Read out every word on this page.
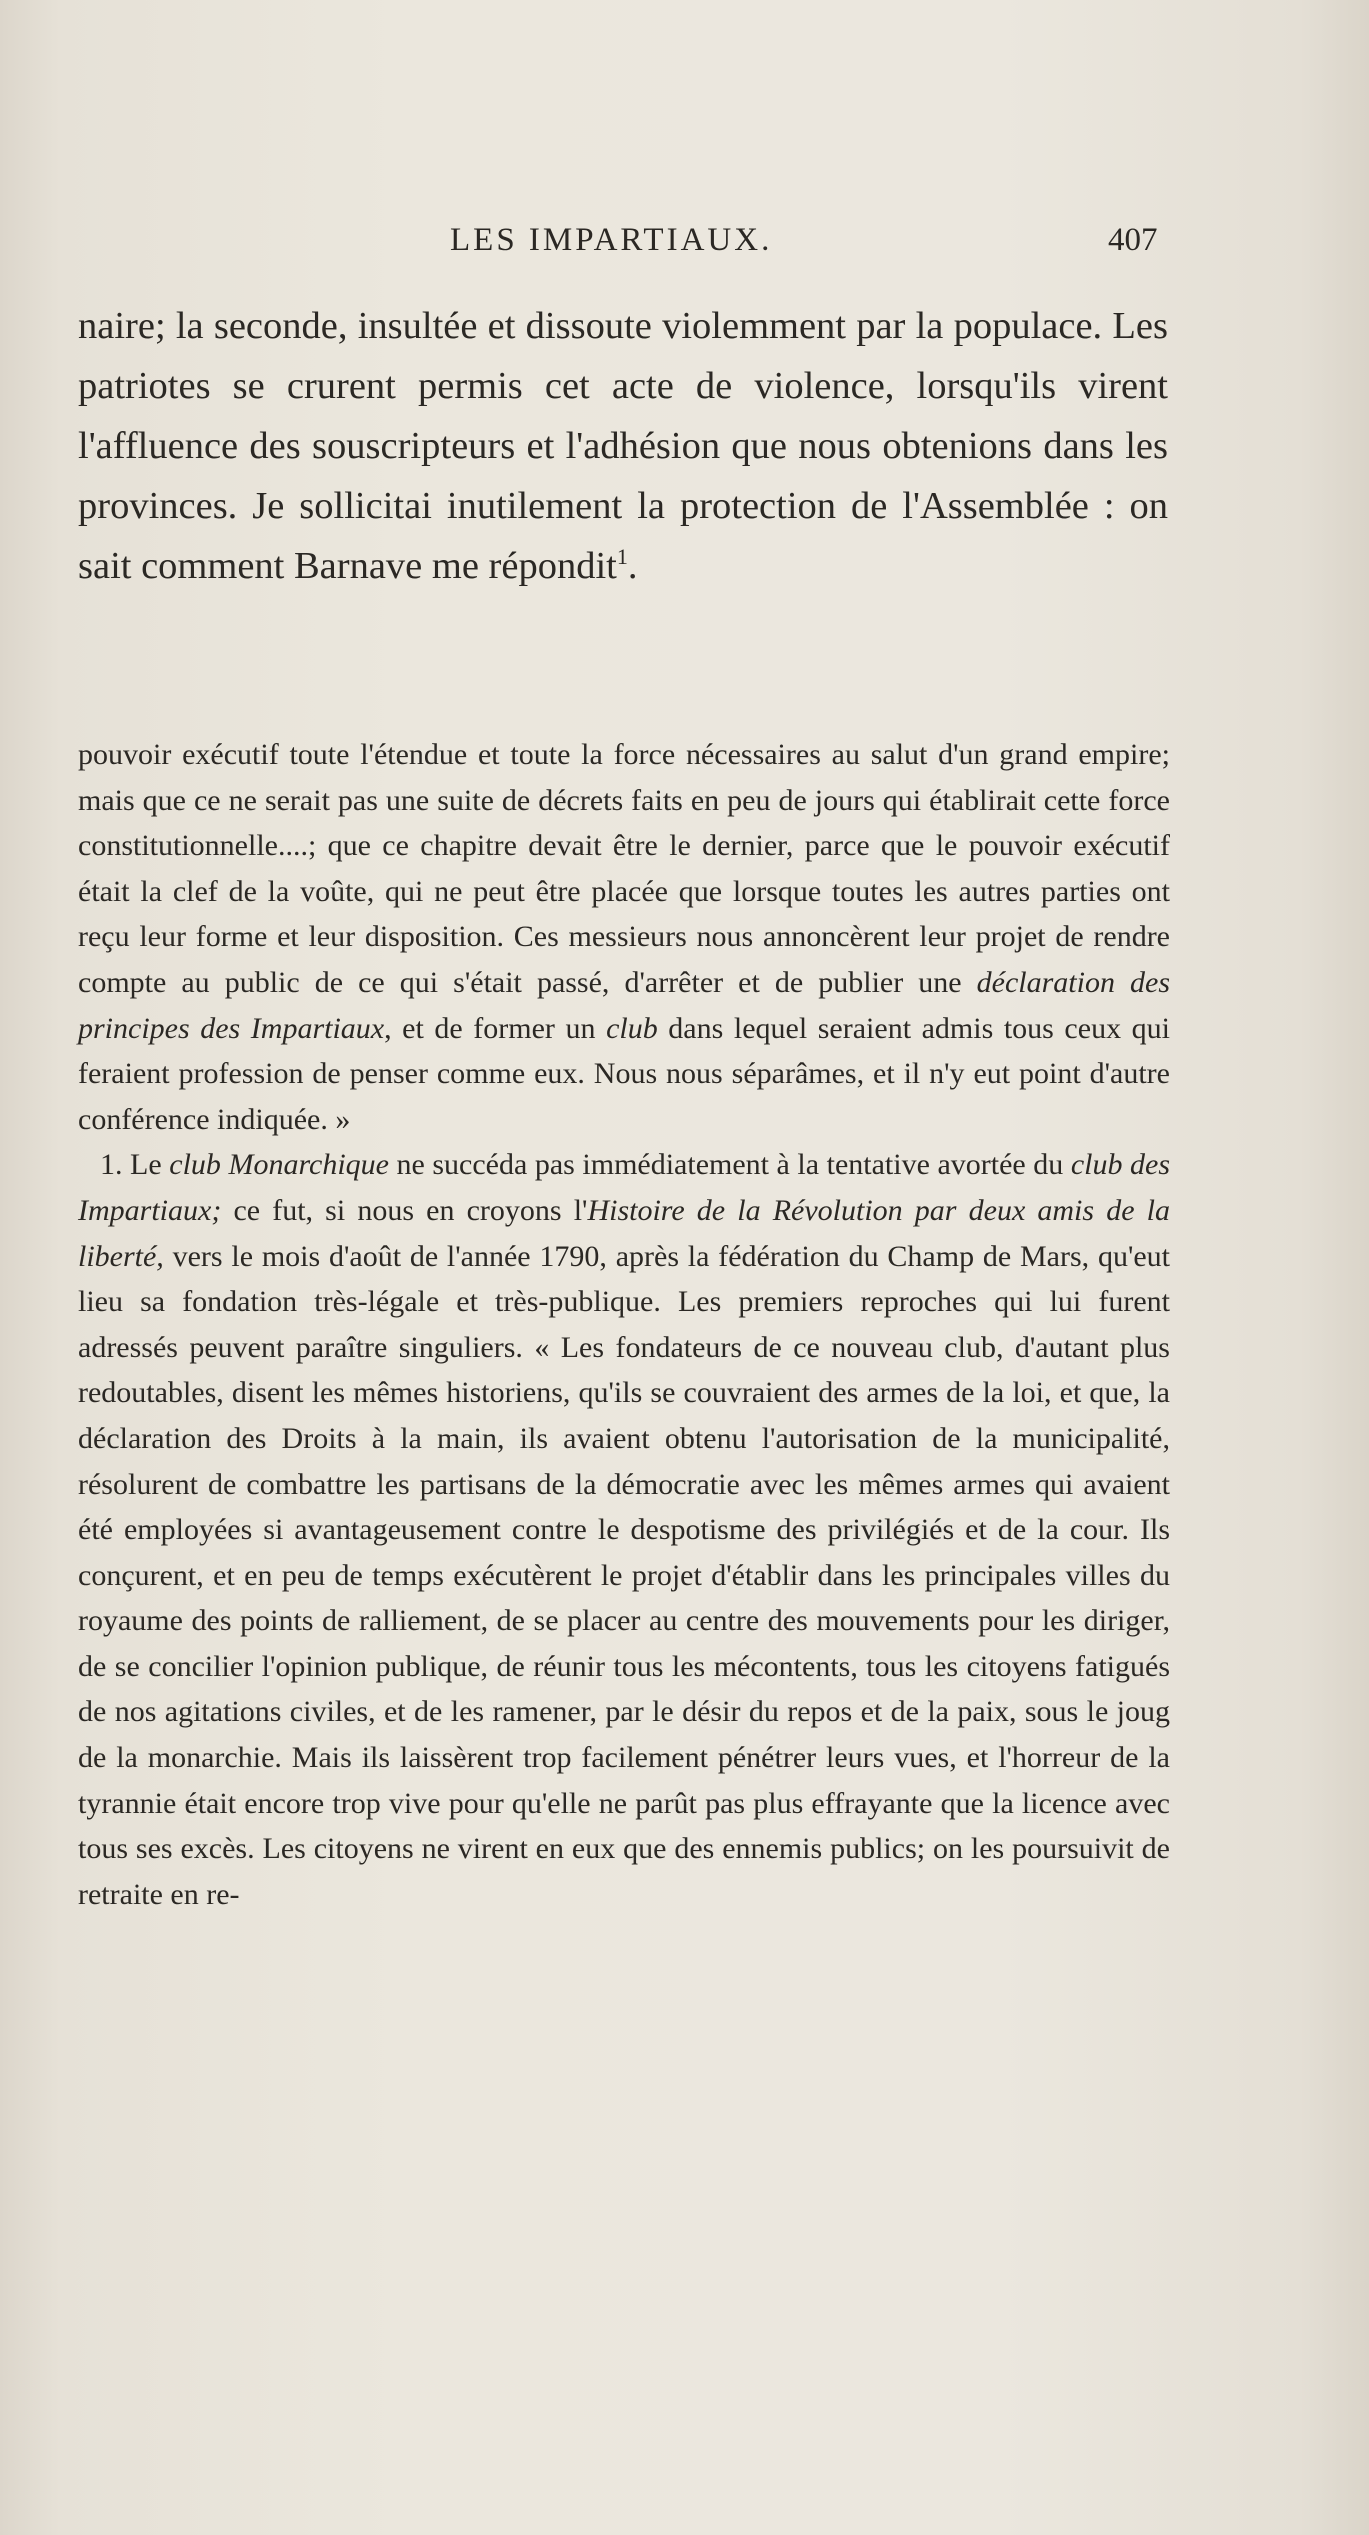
LES IMPARTIAUX.	407

naire; la seconde, insultée et dissoute violemment par la populace. Les patriotes se crurent permis cet acte de violence, lorsqu'ils virent l'affluence des souscripteurs et l'adhésion que nous obtenions dans les provinces. Je sollicitai inutilement la protection de l'Assemblée : on sait comment Barnave me répondit$^1$.

pouvoir exécutif toute l'étendue et toute la force nécessaires au salut d'un grand empire; mais que ce ne serait pas une suite de décrets faits en peu de jours qui établirait cette force constitutionnelle....; que ce chapitre devait être le dernier, parce que le pouvoir exécutif était la clef de la voûte, qui ne peut être placée que lorsque toutes les autres parties ont reçu leur forme et leur disposition. Ces messieurs nous annoncèrent leur projet de rendre compte au public de ce qui s'était passé, d'arrêter et de publier une déclaration des principes des Impartiaux, et de former un club dans lequel seraient admis tous ceux qui feraient profession de penser comme eux. Nous nous séparâmes, et il n'y eut point d'autre conférence indiquée. »

1. Le club Monarchique ne succéda pas immédiatement à la tentative avortée du club des Impartiaux; ce fut, si nous en croyons l'Histoire de la Révolution par deux amis de la liberté, vers le mois d'août de l'année 1790, après la fédération du Champ de Mars, qu'eut lieu sa fondation très-légale et très-publique. Les premiers reproches qui lui furent adressés peuvent paraître singuliers. « Les fondateurs de ce nouveau club, d'autant plus redoutables, disent les mêmes historiens, qu'ils se couvraient des armes de la loi, et que, la déclaration des Droits à la main, ils avaient obtenu l'autorisation de la municipalité, résolurent de combattre les partisans de la démocratie avec les mêmes armes qui avaient été employées si avantageusement contre le despotisme des privilégiés et de la cour. Ils conçurent, et en peu de temps exécutèrent le projet d'établir dans les principales villes du royaume des points de ralliement, de se placer au centre des mouvements pour les diriger, de se concilier l'opinion publique, de réunir tous les mécontents, tous les citoyens fatigués de nos agitations civiles, et de les ramener, par le désir du repos et de la paix, sous le joug de la monarchie. Mais ils laissèrent trop facilement pénétrer leurs vues, et l'horreur de la tyrannie était encore trop vive pour qu'elle ne parût pas plus effrayante que la licence avec tous ses excès. Les citoyens ne virent en eux que des ennemis publics; on les poursuivit de retraite en re-
